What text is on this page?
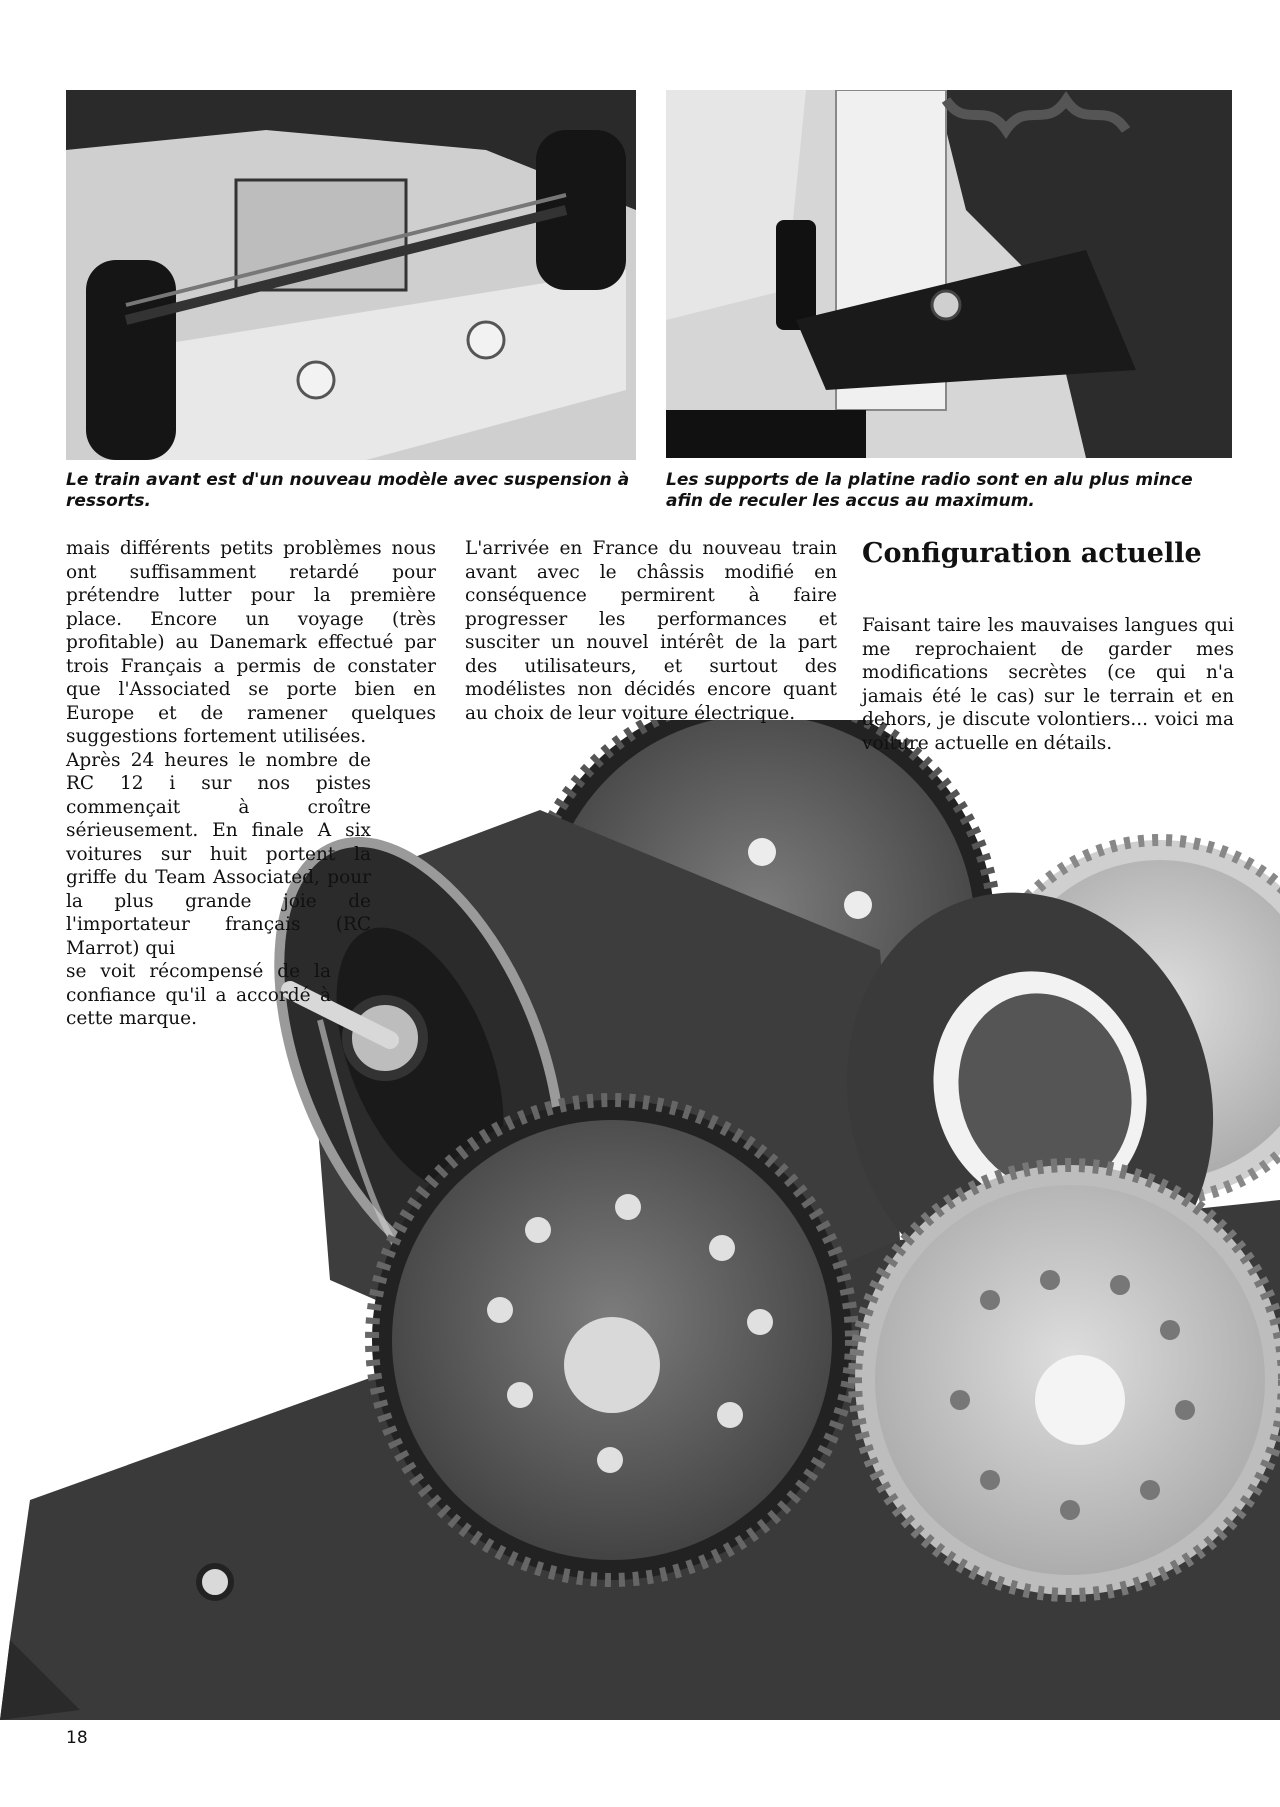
Le train avant est d'un nouveau modèle avec suspension à ressorts.
Les supports de la platine radio sont en alu plus mince afin de reculer les accus au maximum.

mais différents petits problèmes nous ont suffisamment retardé pour prétendre lutter pour la première place. Encore un voyage (très profitable) au Danemark effectué par trois Français a permis de constater que l'Associated se porte bien en Europe et de ramener quelques suggestions fortement utilisées.

Après 24 heures le nombre de RC 12 i sur nos pistes commençait à croître sérieusement. En finale A six voitures sur huit portent la griffe du Team Associated, pour la plus grande joie de l'importateur français (RC Marrot) qui

se voit récompensé de la confiance qu'il a accordé à cette marque.

L'arrivée en France du nouveau train avant avec le châssis modifié en conséquence permirent à faire progresser les performances et susciter un nouvel intérêt de la part des utilisateurs, et surtout des modélistes non décidés encore quant au choix de leur voiture électrique.

Configuration actuelle

Faisant taire les mauvaises langues qui me reprochaient de garder mes modifications secrètes (ce qui n'a jamais été le cas) sur le terrain et en dehors, je discute volontiers... voici ma voiture actuelle en détails.

18
